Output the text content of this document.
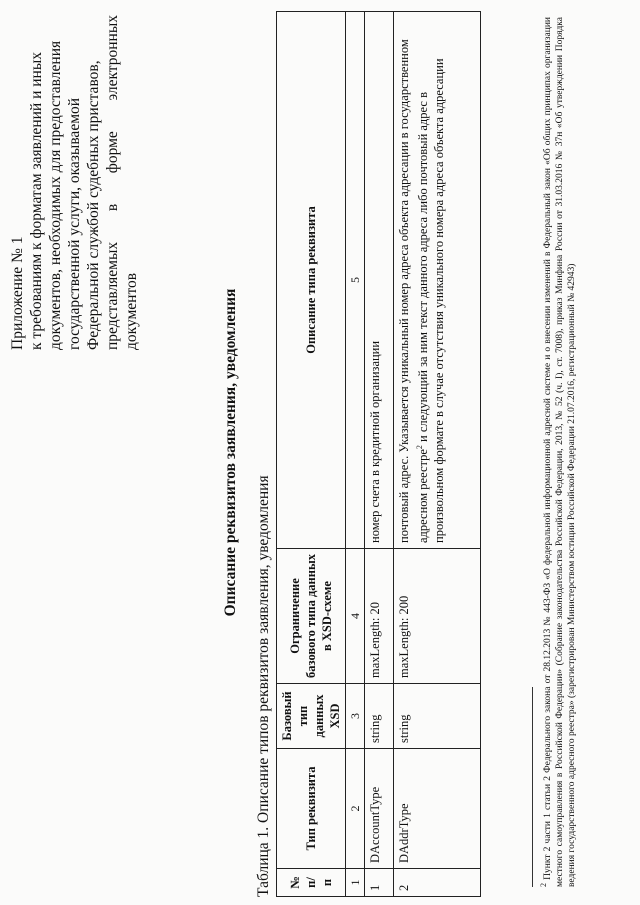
Приложение № 1 к требованиям к форматам заявлений и иных документов, необходимых для предоставления государственной услуги, оказываемой Федеральной службой судебных приставов, представляемых в форме электронных документов	Описание реквизитов заявления, уведомления
Таблица 1. Описание типов реквизитов заявления, уведомления № п/п	Тип реквизита	Базовый тип данных XSD	Ограничение базового типа данных в XSD-схеме	Описание типа реквизита
1	2	3	4	5
1	DAccountType	string	maxLength: 20	номер счета в кредитной организации
2	DAddrType	string	maxLength: 200	почтовый адрес. Указывается уникальный номер адреса объекта адресации в государственном адресном реестре$^2$ и следующий за ним текст данного адреса либо почтовый адрес в произвольном формате в случае отсутствия уникального номера адреса объекта адресации
$^2$ Пункт 2 части 1 статьи 2 Федерального закона от 28.12.2013 № 443-ФЗ «О федеральной информационной адресной системе и о внесении изменений в Федеральный закон «Об общих принципах организации местного самоуправления в Российской Федерации» (Собрание законодательства Российской Федерации, 2013, № 52 (ч. I), ст. 7008), приказ Минфина России от 31.03.2016 № 37н «Об утверждении Порядка ведения государственного адресного реестра» (зарегистрирован Министерством юстиции Российской Федерации 21.07.2016, регистрационный № 42943)
